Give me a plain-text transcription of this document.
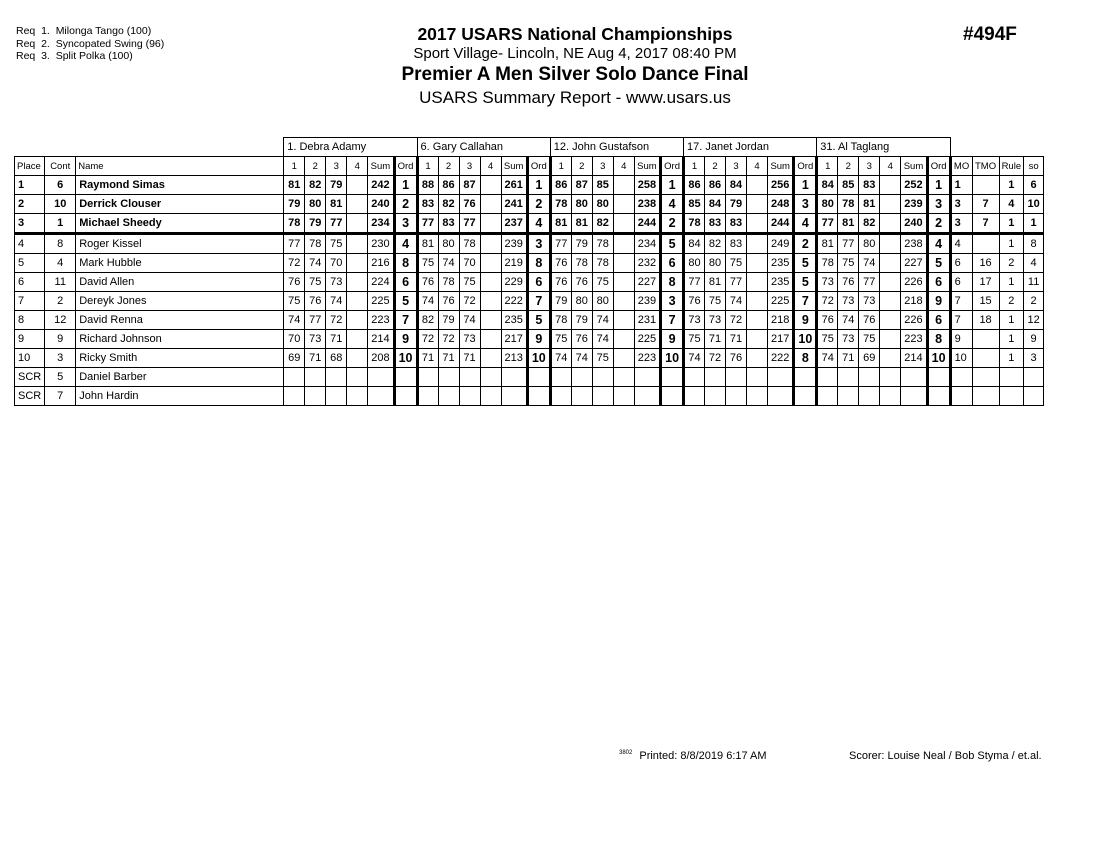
Req  1.  Milonga Tango (100)
Req  2.  Syncopated Swing (96)
Req  3.  Split Polka (100)
2017 USARS National Championships
Sport Village- Lincoln, NE Aug 4, 2017 08:40 PM
Premier A Men Silver Solo Dance Final
USARS Summary Report - www.usars.us
#494F
			1. Debra Adamy						6. Gary Callahan						12. John Gustafson						17. Janet Jordan						31. Al Taglang									
Place	Cont	Name	1	2	3	4	Sum	Ord	1	2	3	4	Sum	Ord	1	2	3	4	Sum	Ord	1	2	3	4	Sum	Ord	1	2	3	4	Sum	Ord	MO	TMO	Rule	so
1	6	Raymond Simas	81	82	79		242	1	88	86	87		261	1	86	87	85		258	1	86	86	84		256	1	84	85	83		252	1	1		1	6
2	10	Derrick Clouser	79	80	81		240	2	83	82	76		241	2	78	80	80		238	4	85	84	79		248	3	80	78	81		239	3	3	7	4	10
3	1	Michael Sheedy	78	79	77		234	3	77	83	77		237	4	81	81	82		244	2	78	83	83		244	4	77	81	82		240	2	3	7	1	1
4	8	Roger Kissel	77	78	75		230	4	81	80	78		239	3	77	79	78		234	5	84	82	83		249	2	81	77	80		238	4	4		1	8
5	4	Mark Hubble	72	74	70		216	8	75	74	70		219	8	76	78	78		232	6	80	80	75		235	5	78	75	74		227	5	6	16	2	4
6	11	David Allen	76	75	73		224	6	76	78	75		229	6	76	76	75		227	8	77	81	77		235	5	73	76	77		226	6	6	17	1	11
7	2	Dereyk Jones	75	76	74		225	5	74	76	72		222	7	79	80	80		239	3	76	75	74		225	7	72	73	73		218	9	7	15	2	2
8	12	David Renna	74	77	72		223	7	82	79	74		235	5	78	79	74		231	7	73	73	72		218	9	76	74	76		226	6	7	18	1	12
9	9	Richard Johnson	70	73	71		214	9	72	72	73		217	9	75	76	74		225	9	75	71	71		217	10	75	73	75		223	8	9		1	9
10	3	Ricky Smith	69	71	68		208	10	71	71	71		213	10	74	74	75		223	10	74	72	76		222	8	74	71	69		214	10	10		1	3
SCR	5	Daniel Barber																																		
SCR	7	John Hardin																																		
$^{3802}$ Printed: 8/8/2019 6:17 AM	Scorer: Louise Neal / Bob Styma / et.al.
